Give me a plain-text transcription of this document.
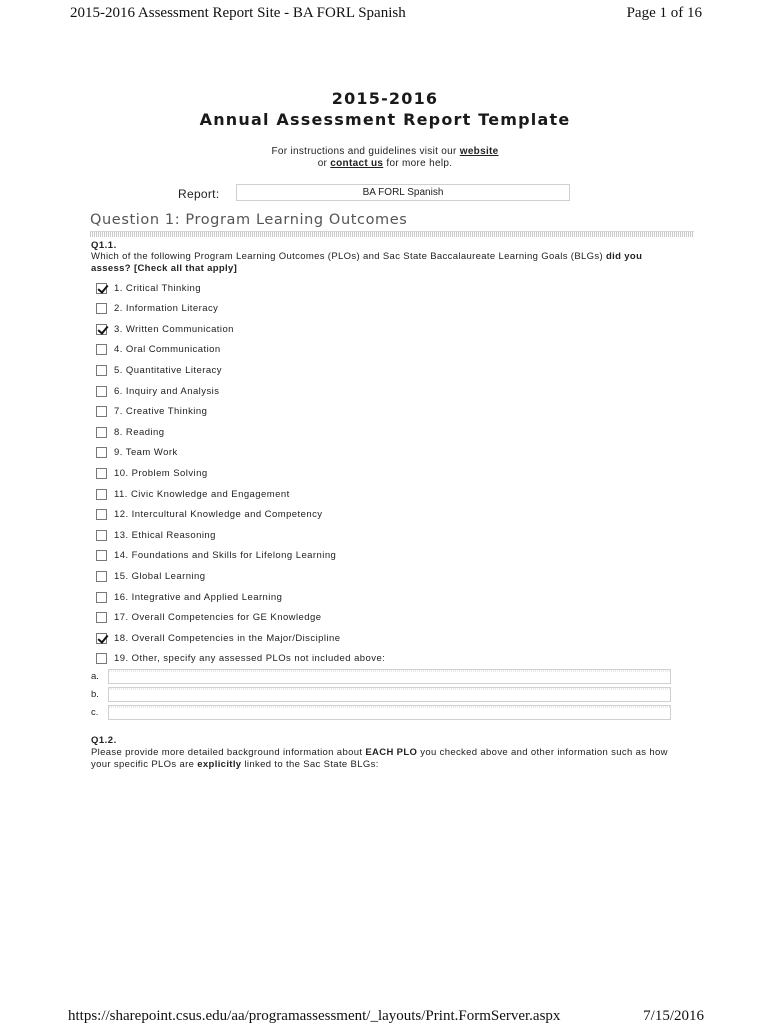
2015-2016 Assessment Report Site - BA FORL Spanish	Page 1 of 16
2015-2016
Annual Assessment Report Template
For instructions and guidelines visit our website
or contact us for more help.
Report:	BA FORL Spanish
Question 1: Program Learning Outcomes
Q1.1.
Which of the following Program Learning Outcomes (PLOs) and Sac State Baccalaureate Learning Goals (BLGs) did you assess? [Check all that apply]
1. Critical Thinking
2. Information Literacy
3. Written Communication
4. Oral Communication
5. Quantitative Literacy
6. Inquiry and Analysis
7. Creative Thinking
8. Reading
9. Team Work
10. Problem Solving
11. Civic Knowledge and Engagement
12. Intercultural Knowledge and Competency
13. Ethical Reasoning
14. Foundations and Skills for Lifelong Learning
15. Global Learning
16. Integrative and Applied Learning
17. Overall Competencies for GE Knowledge
18. Overall Competencies in the Major/Discipline
19. Other, specify any assessed PLOs not included above:
a.
b.
c.
Q1.2.
Please provide more detailed background information about EACH PLO you checked above and other information such as how your specific PLOs are explicitly linked to the Sac State BLGs:
https://sharepoint.csus.edu/aa/programassessment/_layouts/Print.FormServer.aspx	7/15/2016
